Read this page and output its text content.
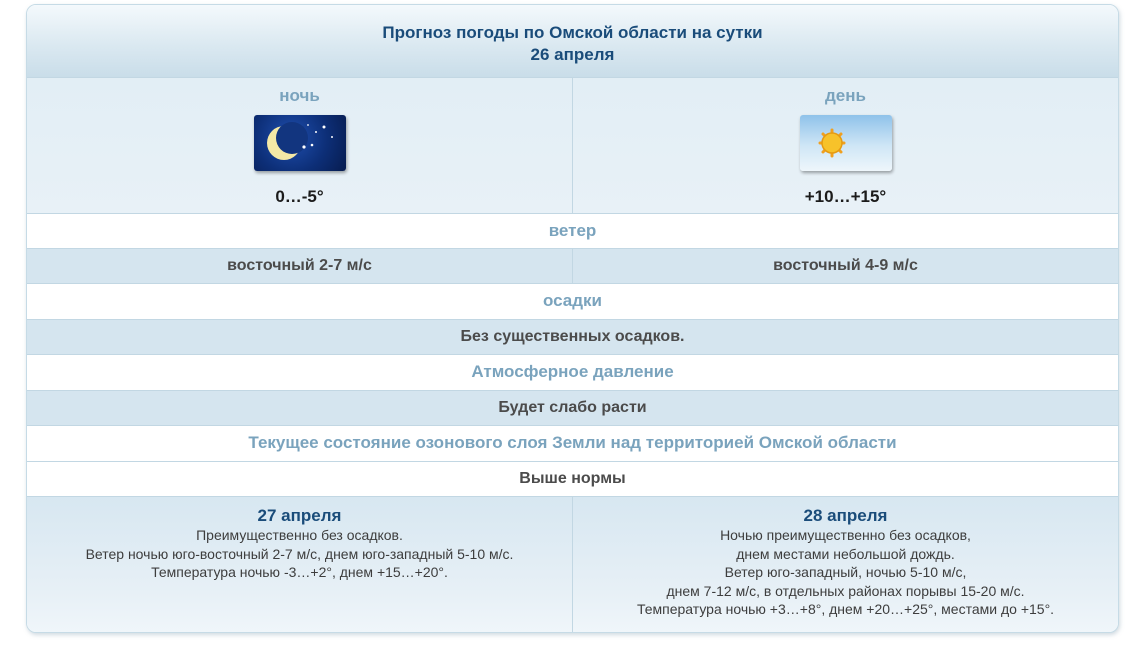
Прогноз погоды по Омской области на сутки
26 апреля
ночь
0…-5°
день
+10…+15°
ветер
восточный 2-7 м/с	восточный 4-9 м/с
осадки
Без существенных осадков.
Атмосферное давление
Будет слабо расти
Текущее состояние озонового слоя Земли над территорией Омской области
Выше нормы
27 апреля
Преимущественно без осадков.
Ветер ночью юго-восточный 2-7 м/с, днем юго-западный 5-10 м/с.
Температура ночью -3…+2°, днем +15…+20°.
28 апреля
Ночью преимущественно без осадков,
днем местами небольшой дождь.
Ветер юго-западный, ночью 5-10 м/с,
днем 7-12 м/с, в отдельных районах порывы 15-20 м/с.
Температура ночью +3…+8°, днем +20…+25°, местами до +15°.
